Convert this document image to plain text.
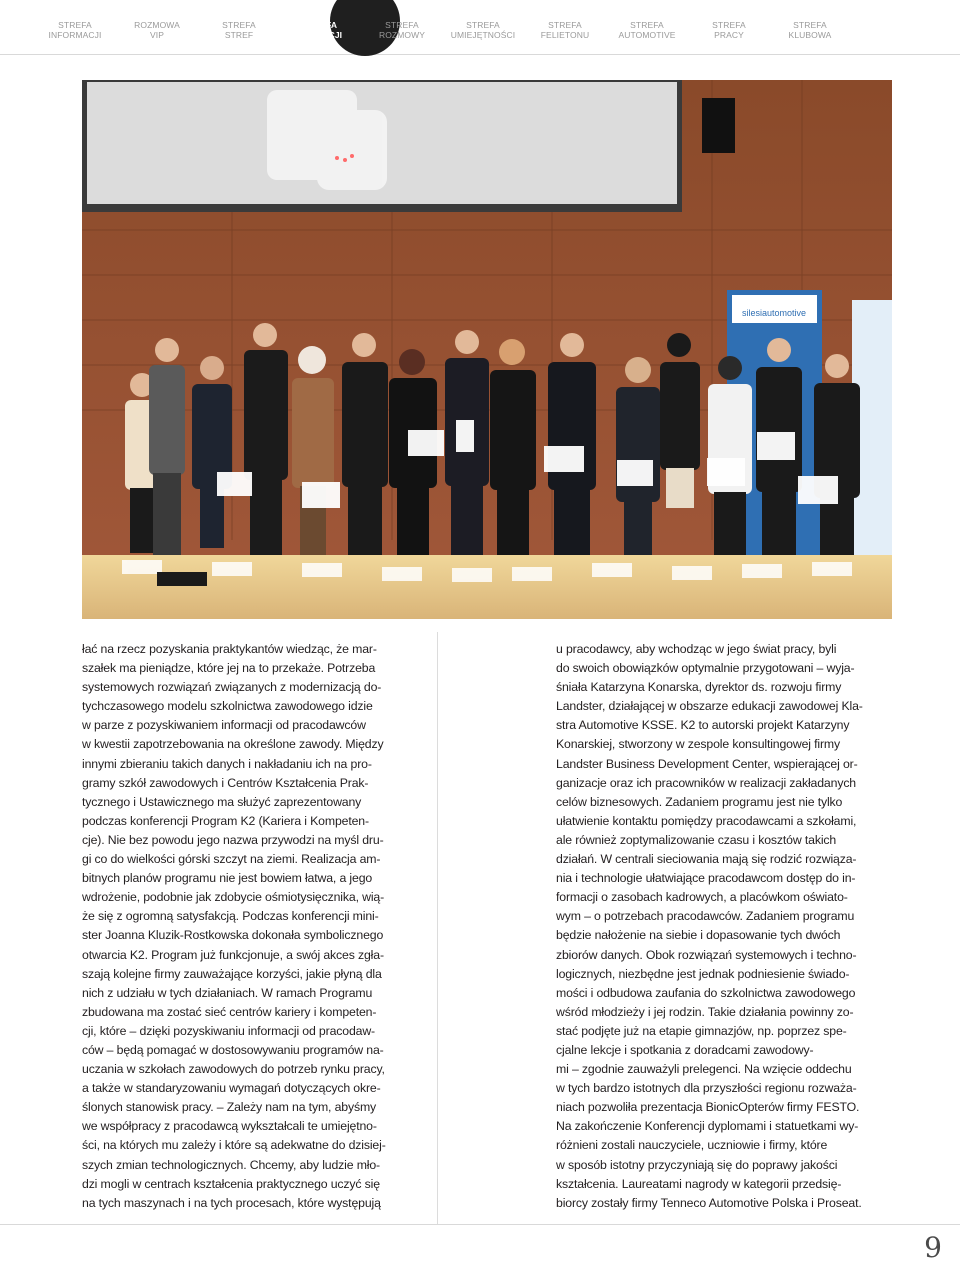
STREFA
INFORMACJI
ROZMOWA
VIP
STREFA
STREF
STREFA
EDUKACJI
STREFA
ROZMOWY
STREFA
UMIEJĘTNOŚCI
STREFA
FELIETONU
STREFA
AUTOMOTIVE
STREFA
PRACY
STREFA
KLUBOWA
silesiautomotive

łać na rzecz pozyskania praktykantów wiedząc, że mar-

szałek ma pieniądze, które jej na to przekaże. Potrzeba

systemowych rozwiązań związanych z modernizacją do-

tychczasowego modelu szkolnictwa zawodowego idzie

w parze z pozyskiwaniem informacji od pracodawców

w kwestii zapotrzebowania na określone zawody. Między

innymi zbieraniu takich danych i nakładaniu ich na pro-

gramy szkół zawodowych i Centrów Kształcenia Prak-

tycznego i Ustawicznego ma służyć zaprezentowany

podczas konferencji Program K2 (Kariera i Kompeten-

cje). Nie bez powodu jego nazwa przywodzi na myśl dru-

gi co do wielkości górski szczyt na ziemi. Realizacja am-

bitnych planów programu nie jest bowiem łatwa, a jego

wdrożenie, podobnie jak zdobycie ośmiotysięcznika, wią-

że się z ogromną satysfakcją. Podczas konferencji mini-

ster Joanna Kluzik-Rostkowska dokonała symbolicznego

otwarcia K2. Program już funkcjonuje, a swój akces zgła-

szają kolejne firmy zauważające korzyści, jakie płyną dla

nich z udziału w tych działaniach. W ramach Programu

zbudowana ma zostać sieć centrów kariery i kompeten-

cji, które – dzięki pozyskiwaniu informacji od pracodaw-

ców – będą pomagać w dostosowywaniu programów na-

uczania w szkołach zawodowych do potrzeb rynku pracy,

a także w standaryzowaniu wymagań dotyczących okre-

ślonych stanowisk pracy. – Zależy nam na tym, abyśmy

we współpracy z pracodawcą wykształcali te umiejętno-

ści, na których mu zależy i które są adekwatne do dzisiej-

szych zmian technologicznych. Chcemy, aby ludzie mło-

dzi mogli w centrach kształcenia praktycznego uczyć się

na tych maszynach i na tych procesach, które występują

u pracodawcy, aby wchodząc w jego świat pracy, byli

do swoich obowiązków optymalnie przygotowani – wyja-

śniała Katarzyna Konarska, dyrektor ds. rozwoju firmy

Landster, działającej w obszarze edukacji zawodowej Kla-

stra Automotive KSSE. K2 to autorski projekt Katarzyny

Konarskiej, stworzony w zespole konsultingowej firmy

Landster Business Development Center, wspierającej or-

ganizacje oraz ich pracowników w realizacji zakładanych

celów biznesowych. Zadaniem programu jest nie tylko

ułatwienie kontaktu pomiędzy pracodawcami a szkołami,

ale również zoptymalizowanie czasu i kosztów takich

działań. W centrali sieciowania mają się rodzić rozwiąza-

nia i technologie ułatwiające pracodawcom dostęp do in-

formacji o zasobach kadrowych, a placówkom oświato-

wym – o potrzebach pracodawców. Zadaniem programu

będzie nałożenie na siebie i dopasowanie tych dwóch

zbiorów danych. Obok rozwiązań systemowych i techno-

logicznych, niezbędne jest jednak podniesienie świado-

mości i odbudowa zaufania do szkolnictwa zawodowego

wśród młodzieży i jej rodzin. Takie działania powinny zo-

stać podjęte już na etapie gimnazjów, np. poprzez spe-

cjalne lekcje i spotkania z doradcami zawodowy-

mi – zgodnie zauważyli prelegenci. Na wzięcie oddechu

w tych bardzo istotnych dla przyszłości regionu rozważa-

niach pozwoliła prezentacja BionicOpterów firmy FESTO.

Na zakończenie Konferencji dyplomami i statuetkami wy-

różnieni zostali nauczyciele, uczniowie i firmy, które

w sposób istotny przyczyniają się do poprawy jakości

kształcenia. Laureatami nagrody w kategorii przedsię-

biorcy zostały firmy Tenneco Automotive Polska i Proseat.

9
